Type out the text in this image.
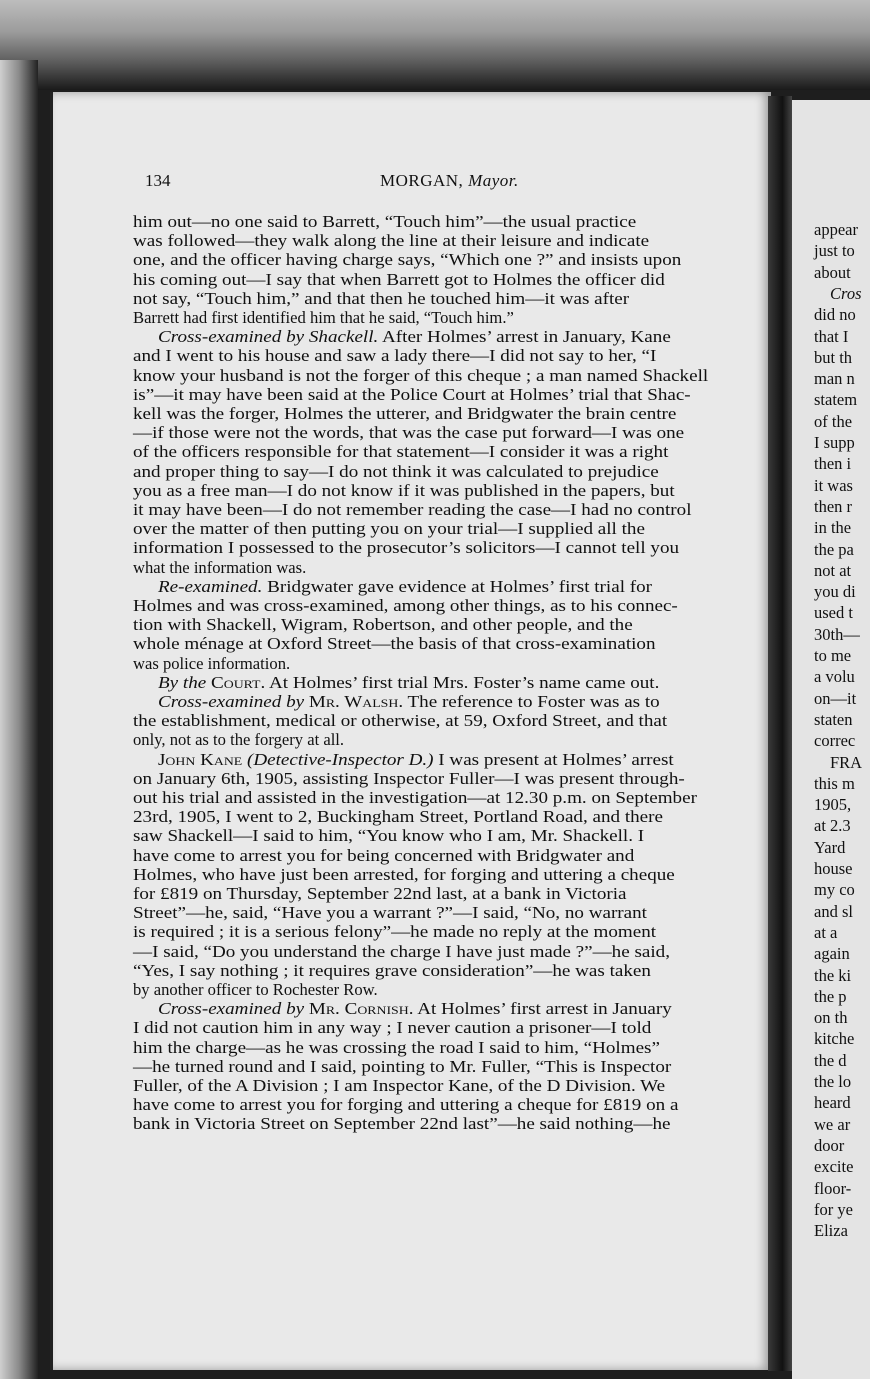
appear
just to
about
Cros
did no
that I
but th
man n
statem
of the
I supp
then i
it was
then r
in the
the pa
not at
you di
used t
30th—
to me
a volu
on—it
staten
correc
FRA
this m
1905,
at 2.3
Yard
house
my co
and sl
at a
again
the ki
the p
on th
kitche
the d
the lo
heard
we ar
door
excite
floor-
for ye
Eliza
134	MORGAN, Mayor.
him out—no one said to Barrett, “Touch him”—the usual practice
was followed—they walk along the line at their leisure and indicate
one, and the officer having charge says, “Which one ?” and insists upon
his coming out—I say that when Barrett got to Holmes the officer did
not say, “Touch him,” and that then he touched him—it was after
Barrett had first identified him that he said, “Touch him.”
Cross-examined by Shackell. After Holmes’ arrest in January, Kane
and I went to his house and saw a lady there—I did not say to her, “I
know your husband is not the forger of this cheque ; a man named Shackell
is”—it may have been said at the Police Court at Holmes’ trial that Shac-
kell was the forger, Holmes the utterer, and Bridgwater the brain centre
—if those were not the words, that was the case put forward—I was one
of the officers responsible for that statement—I consider it was a right
and proper thing to say—I do not think it was calculated to prejudice
you as a free man—I do not know if it was published in the papers, but
it may have been—I do not remember reading the case—I had no control
over the matter of then putting you on your trial—I supplied all the
information I possessed to the prosecutor’s solicitors—I cannot tell you
what the information was.
Re-examined. Bridgwater gave evidence at Holmes’ first trial for
Holmes and was cross-examined, among other things, as to his connec-
tion with Shackell, Wigram, Robertson, and other people, and the
whole ménage at Oxford Street—the basis of that cross-examination
was police information.
By the Court. At Holmes’ first trial Mrs. Foster’s name came out.
Cross-examined by Mr. Walsh. The reference to Foster was as to
the establishment, medical or otherwise, at 59, Oxford Street, and that
only, not as to the forgery at all.
John Kane (Detective-Inspector D.) I was present at Holmes’ arrest
on January 6th, 1905, assisting Inspector Fuller—I was present through-
out his trial and assisted in the investigation—at 12.30 p.m. on September
23rd, 1905, I went to 2, Buckingham Street, Portland Road, and there
saw Shackell—I said to him, “You know who I am, Mr. Shackell. I
have come to arrest you for being concerned with Bridgwater and
Holmes, who have just been arrested, for forging and uttering a cheque
for £819 on Thursday, September 22nd last, at a bank in Victoria
Street”—he, said, “Have you a warrant ?”—I said, “No, no warrant
is required ; it is a serious felony”—he made no reply at the moment
—I said, “Do you understand the charge I have just made ?”—he said,
“Yes, I say nothing ; it requires grave consideration”—he was taken
by another officer to Rochester Row.
Cross-examined by Mr. Cornish. At Holmes’ first arrest in January
I did not caution him in any way ; I never caution a prisoner—I told
him the charge—as he was crossing the road I said to him, “Holmes”
—he turned round and I said, pointing to Mr. Fuller, “This is Inspector
Fuller, of the A Division ; I am Inspector Kane, of the D Division. We
have come to arrest you for forging and uttering a cheque for £819 on a
bank in Victoria Street on September 22nd last”—he said nothing—he
